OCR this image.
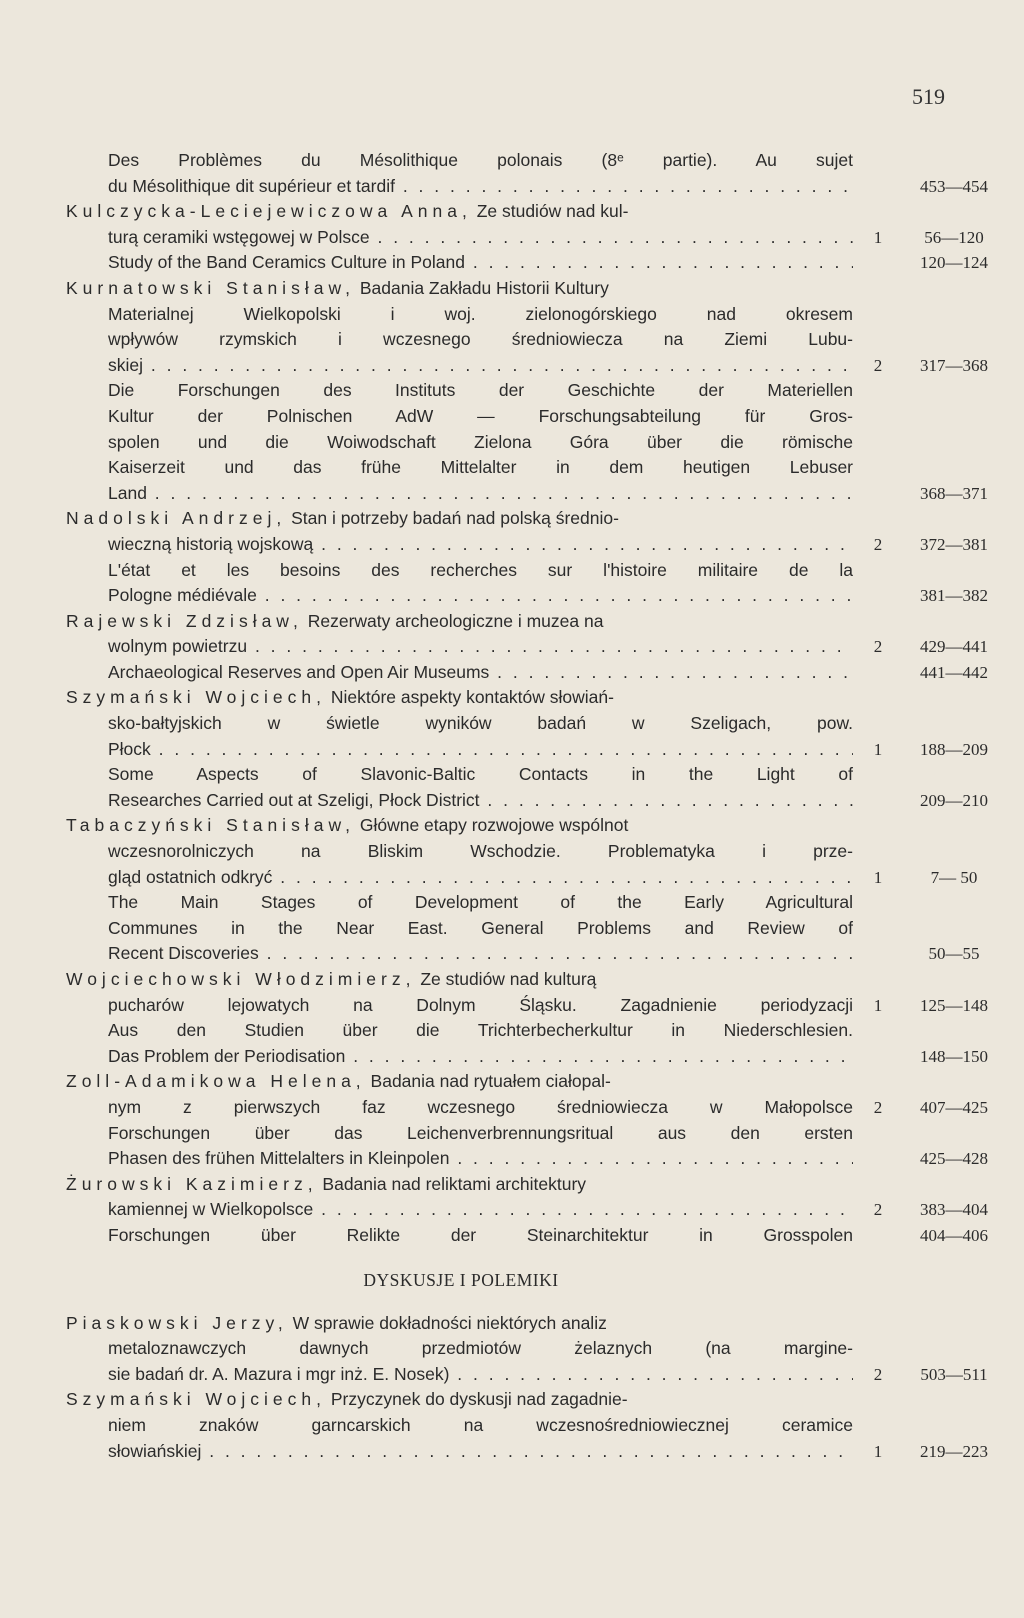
519
Des Problèmes du Mésolithique polonais (8ᵉ partie). Au sujet
du Mésolithique dit supérieur et tardif . . .	453—454
Kulczycka-Leciejewiczowa Anna, Ze studiów nad kul-
turą ceramiki wstęgowej w Polsce . . .	1	56—120
Study of the Band Ceramics Culture in Poland . . .	120—124
Kurnatowski Stanisław, Badania Zakładu Historii Kultury
Materialnej Wielkopolski i woj. zielonogórskiego nad okresem
wpływów rzymskich i wczesnego średniowiecza na Ziemi Lubu-
skiej . . .	2	317—368
Die Forschungen des Instituts der Geschichte der Materiellen
Kultur der Polnischen AdW — Forschungsabteilung für Gros-
spolen und die Woiwodschaft Zielona Góra über die römische
Kaiserzeit und das frühe Mittelalter in dem heutigen Lebuser
Land . . .	368—371
Nadolski Andrzej, Stan i potrzeby badań nad polską średnio-
wieczną historią wojskową . . .	2	372—381
L'état et les besoins des recherches sur l'histoire militaire de la
Pologne médiévale . . .	381—382
Rajewski Zdzisław, Rezerwaty archeologiczne i muzea na
wolnym powietrzu . . .	2	429—441
Archaeological Reserves and Open Air Museums . . .	441—442
Szymański Wojciech, Niektóre aspekty kontaktów słowiań-
sko-bałtyjskich w świetle wyników badań w Szeligach, pow.
Płock . . .	1	188—209
Some Aspects of Slavonic-Baltic Contacts in the Light of
Researches Carried out at Szeligi, Płock District . . .	209—210
Tabaczyński Stanisław, Główne etapy rozwojowe wspólnot
wczesnorolniczych na Bliskim Wschodzie. Problematyka i prze-
gląd ostatnich odkryć . . .	1	7— 50
The Main Stages of Development of the Early Agricultural
Communes in the Near East. General Problems and Review of
Recent Discoveries . . .	50—55
Wojciechowski Włodzimierz, Ze studiów nad kulturą
pucharów lejowatych na Dolnym Śląsku. Zagadnienie periodyzacji	1	125—148
Aus den Studien über die Trichterbecherkultur in Niederschlesien.
Das Problem der Periodisation . . .	148—150
Zoll-Adamikowa Helena, Badania nad rytuałem ciałopal-
nym z pierwszych faz wczesnego średniowiecza w Małopolsce	2	407—425
Forschungen über das Leichenverbrennungsritual aus den ersten
Phasen des frühen Mittelalters in Kleinpolen . . .	425—428
Żurowski Kazimierz, Badania nad reliktami architektury
kamiennej w Wielkopolsce . . .	2	383—404
Forschungen über Relikte der Steinarchitektur in Grosspolen	404—406
DYSKUSJE I POLEMIKI
Piaskowski Jerzy, W sprawie dokładności niektórych analiz
metaloznawczych dawnych przedmiotów żelaznych (na margine-
sie badań dr. A. Mazura i mgr inż. E. Nosek) . . .	2	503—511
Szymański Wojciech, Przyczynek do dyskusji nad zagadnie-
niem znaków garncarskich na wczesnośredniowiecznej ceramice
słowiańskiej . . .	1	219—223
